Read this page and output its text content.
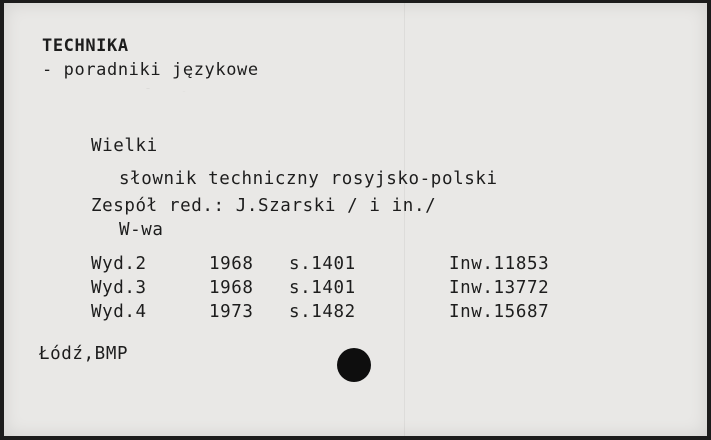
TECHNIKA
- poradniki językowe
Wielki
słownik techniczny rosyjsko-polski
Zespół red.: J.Szarski / i in./
W-wa
Wyd.2	1968 s.1401	Inw.11853
Wyd.3	1968 s.1401	Inw.13772
Wyd.4	1973 s.1482	Inw.15687
Łódź,BMP
